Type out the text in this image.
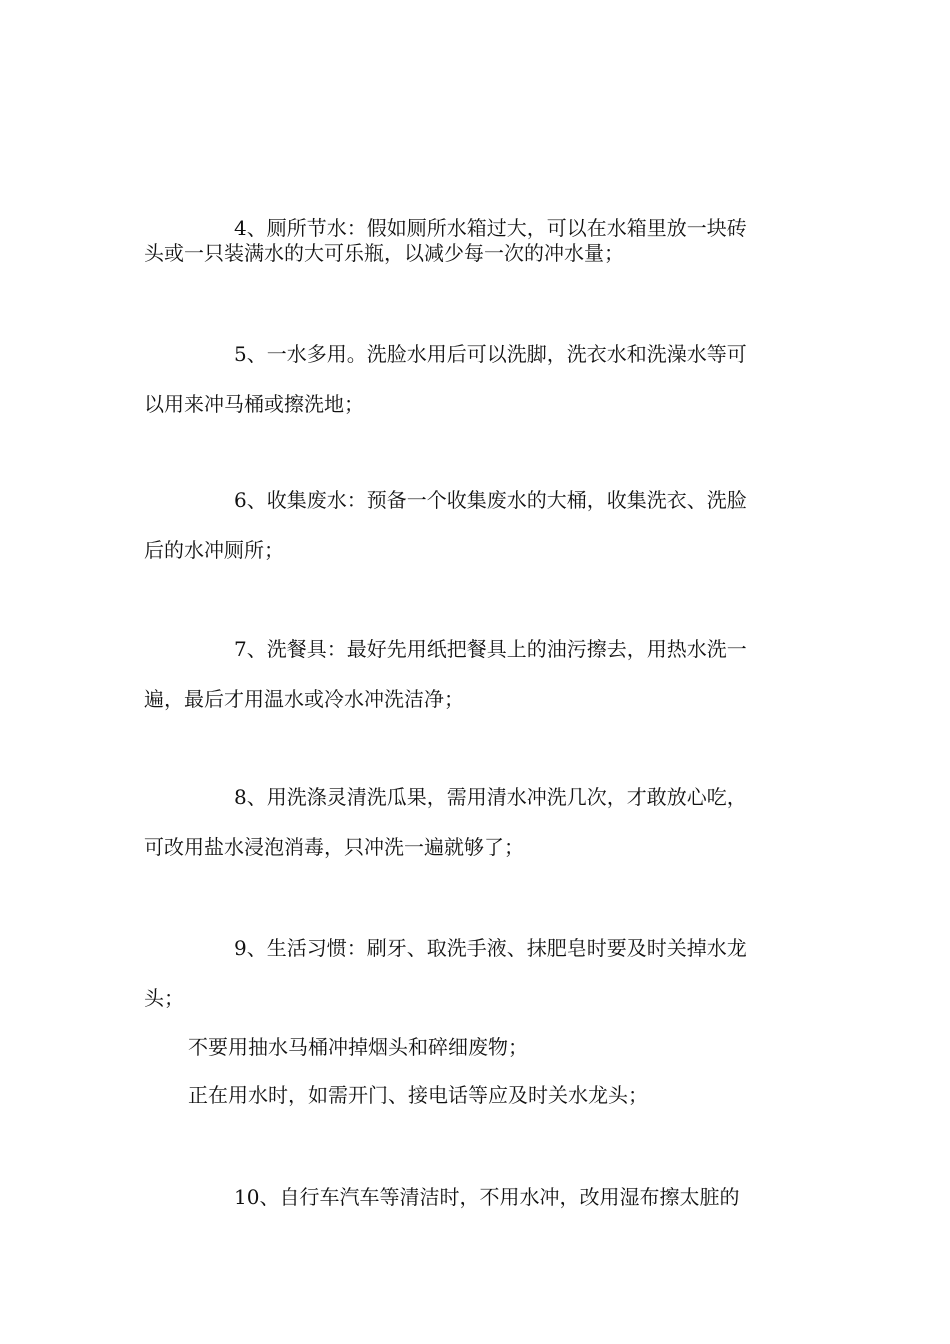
4、厕所节水：假如厕所水箱过大，可以在水箱里放一块砖
头或一只装满水的大可乐瓶，以减少每一次的冲水量；
5、一水多用。洗脸水用后可以洗脚，洗衣水和洗澡水等可
以用来冲马桶或擦洗地；
6、收集废水：预备一个收集废水的大桶，收集洗衣、洗脸
后的水冲厕所；
7、洗餐具：最好先用纸把餐具上的油污擦去，用热水洗一
遍，最后才用温水或冷水冲洗洁净；
8、用洗涤灵清洗瓜果，需用清水冲洗几次，才敢放心吃，
可改用盐水浸泡消毒，只冲洗一遍就够了；
9、生活习惯：刷牙、取洗手液、抹肥皂时要及时关掉水龙
头；
不要用抽水马桶冲掉烟头和碎细废物；
正在用水时，如需开门、接电话等应及时关水龙头；
10、自行车汽车等清洁时，不用水冲，改用湿布擦太脏的
